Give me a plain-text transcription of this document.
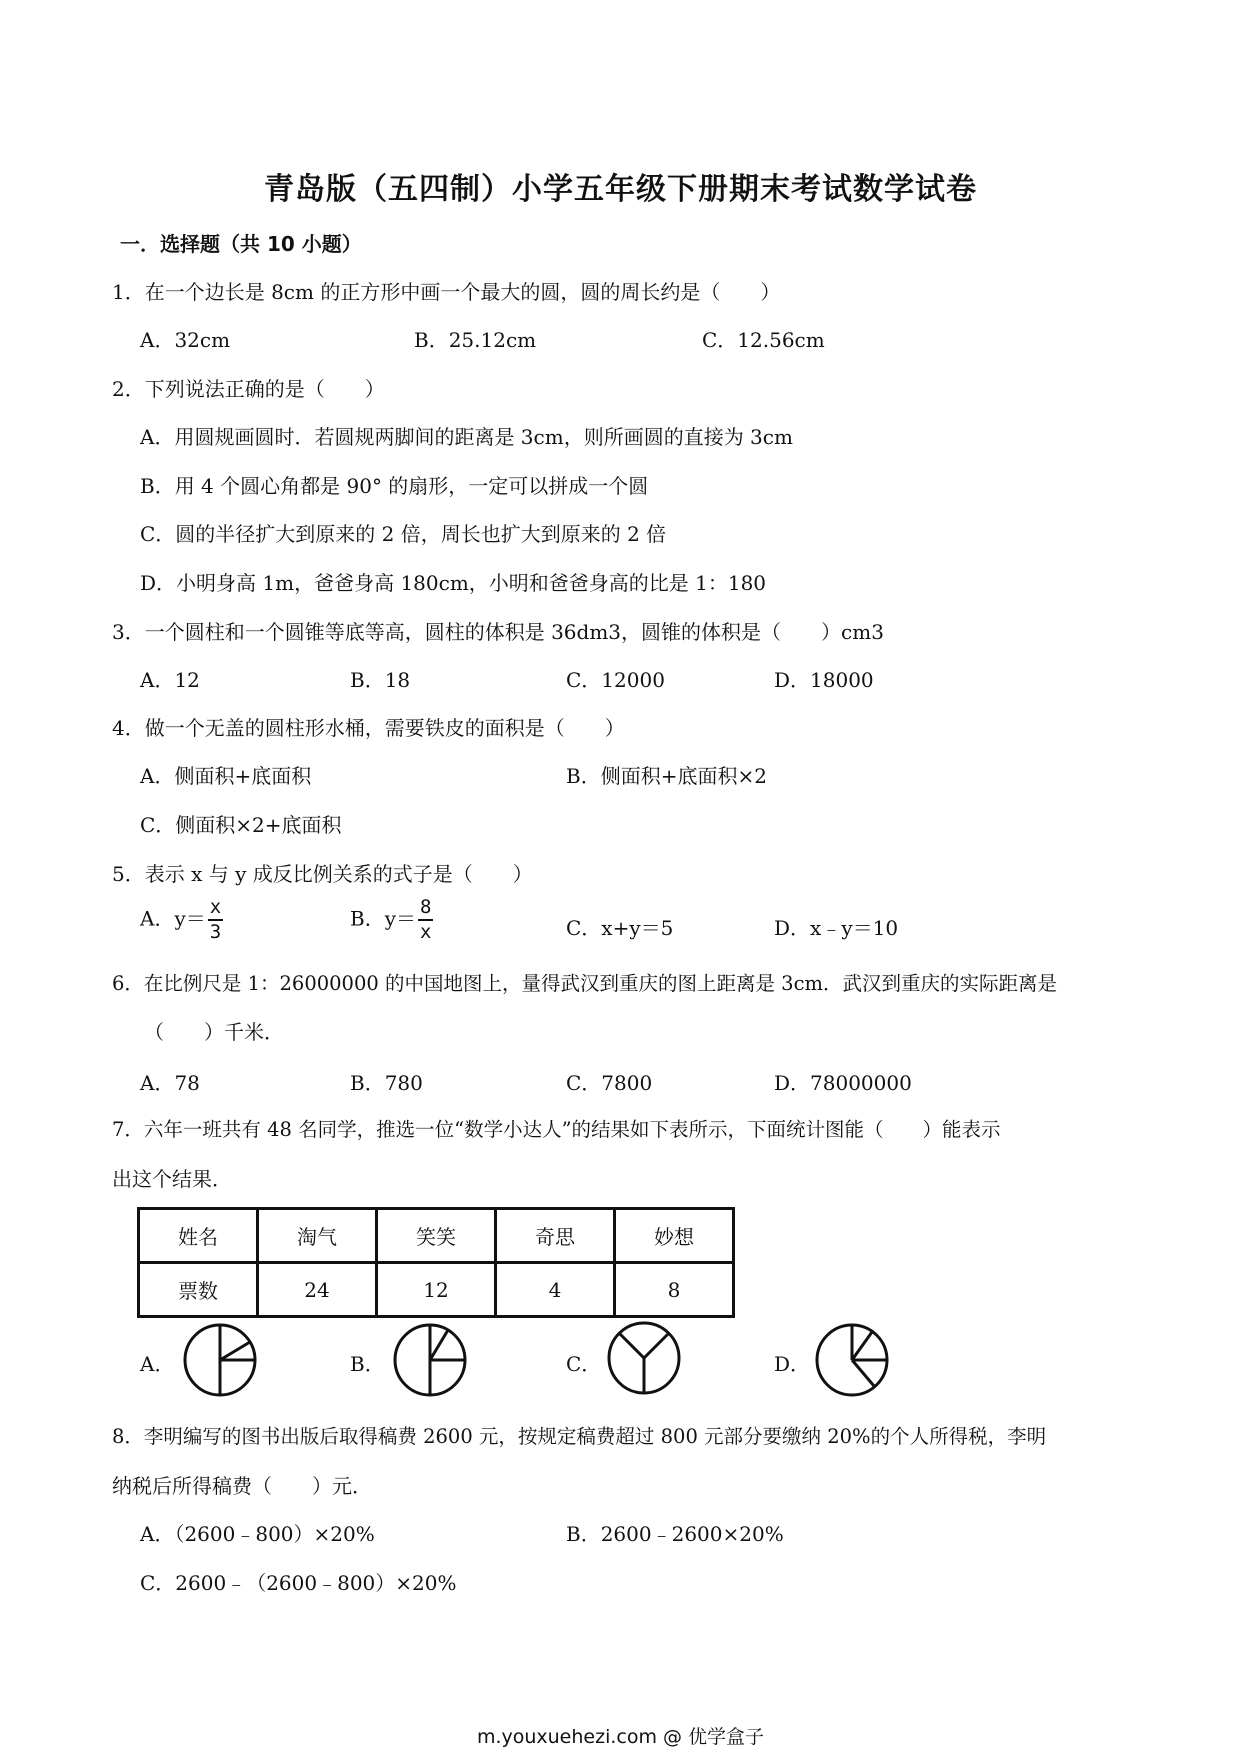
青岛版（五四制）小学五年级下册期末考试数学试卷
一．选择题（共 10 小题）
1．在一个边长是 8cm 的正方形中画一个最大的圆，圆的周长约是（　　）
A．32cm	B．25.12cm	C．12.56cm
2．下列说法正确的是（　　）
A．用圆规画圆时．若圆规两脚间的距离是 3cm，则所画圆的直接为 3cm
B．用 4 个圆心角都是 90° 的扇形，一定可以拼成一个圆
C．圆的半径扩大到原来的 2 倍，周长也扩大到原来的 2 倍
D．小明身高 1m，爸爸身高 180cm，小明和爸爸身高的比是 1：180
3．一个圆柱和一个圆锥等底等高，圆柱的体积是 36dm3，圆锥的体积是（　　）cm3
A．12	B．18	C．12000	D．18000
4．做一个无盖的圆柱形水桶，需要铁皮的面积是（　　）
A．侧面积+底面积	B．侧面积+底面积×2
C．侧面积×2+底面积
5．表示 x 与 y 成反比例关系的式子是（　　）
A．$y= \frac{x}{3}$	B．$y= \frac{8}{x}$	C．x+y＝5	D．x﹣y＝10
6．在比例尺是 1：26000000 的中国地图上，量得武汉到重庆的图上距离是 3cm．武汉到重庆的实际距离是
（　　）千米．
A．78	B．780	C．7800	D．78000000
7．六年一班共有 48 名同学，推选一位“数学小达人”的结果如下表所示，下面统计图能（　　）能表示
出这个结果．
姓名	淘气	笑笑	奇思	妙想
票数	24	12	4	8
A．	B．	C．	D．
8．李明编写的图书出版后取得稿费 2600 元，按规定稿费超过 800 元部分要缴纳 20%的个人所得税，李明
纳税后所得稿费（　　）元．
A．（2600﹣800）×20%	B．2600﹣2600×20%
C．2600﹣（2600﹣800）×20%
m.youxuehezi.com @ 优学盒子
